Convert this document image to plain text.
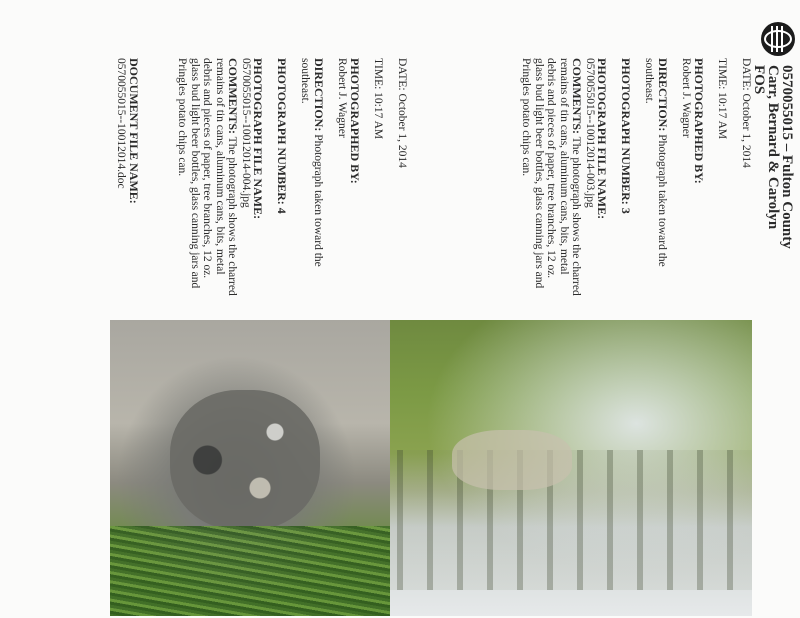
0570055015 – Fulton County
Carr, Bernard & Carolyn
FOS
DATE: October 1, 2014
TIME: 10:17 AM
PHOTOGRAPHED BY:
Robert J. Wagner
DIRECTION: Photograph taken toward the southeast.
PHOTOGRAPH NUMBER: 3
PHOTOGRAPH FILE NAME:
0570055015--10012014-003.jpg
COMMENTS: The photograph shows the charred remains of tin cans, aluminum cans, bits, metal debris and pieces of paper, tree branches, 12 oz. glass bud light beer bottles, glass canning jars and Pringles potato chips can.
DATE: October 1, 2014
TIME: 10:17 AM
PHOTOGRAPHED BY:
Robert J. Wagner
DIRECTION: Photograph taken toward the southeast.
PHOTOGRAPH NUMBER: 4
PHOTOGRAPH FILE NAME:
0570055015--10012014-004.jpg
COMMENTS: The photograph shows the charred remains of tin cans, aluminum cans, bits, metal debris and pieces of paper, tree branches, 12 oz. glass bud light beer bottles, glass canning jars and Pringles potato chips can.
DOCUMENT FILE NAME:
0570055015--10012014.doc
